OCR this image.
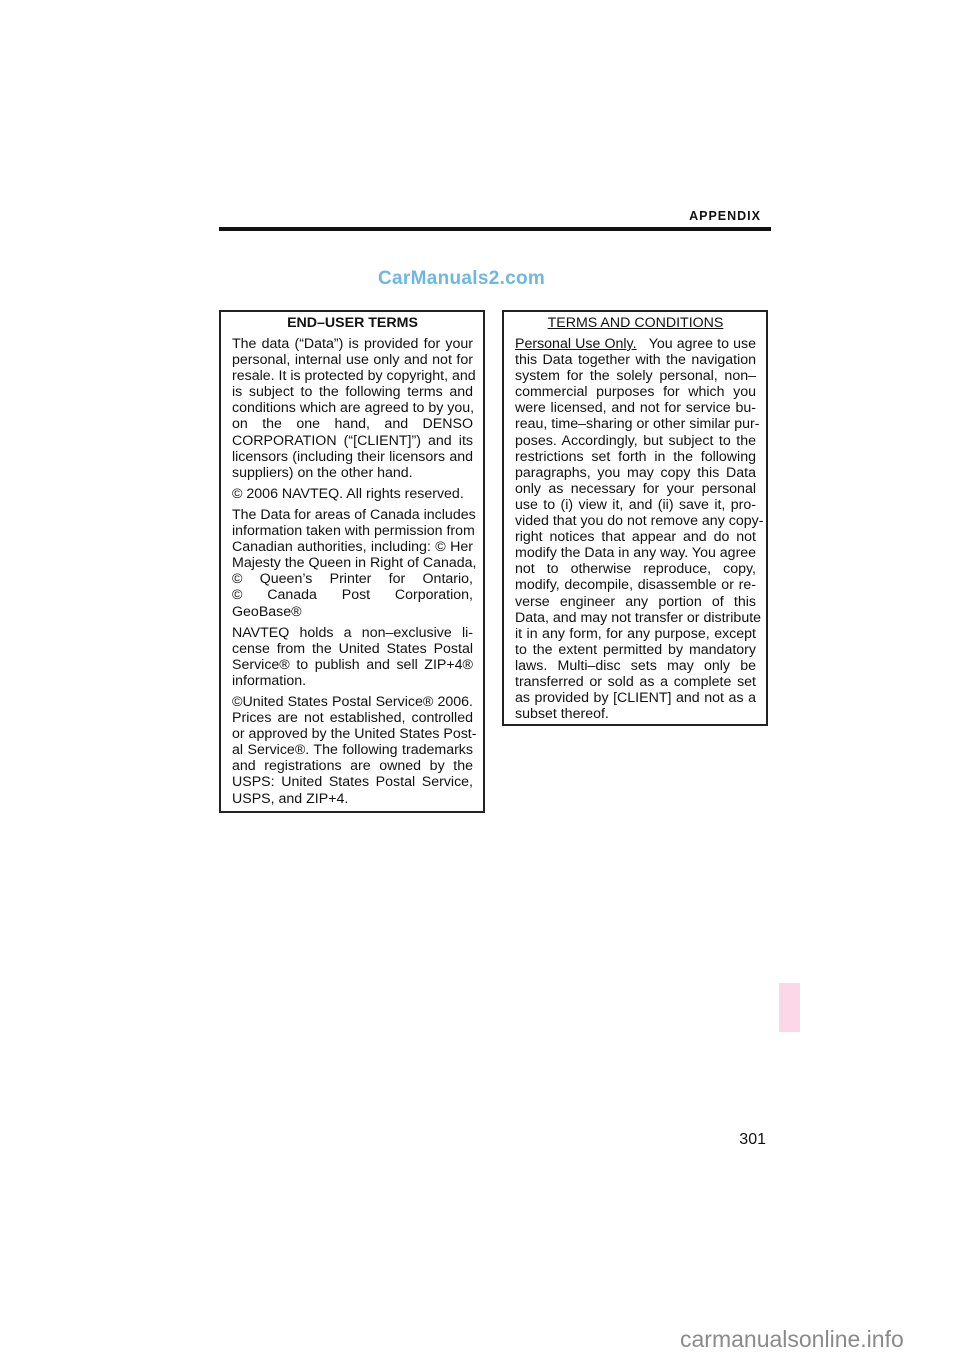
APPENDIX
CarManuals2.com
END–USER TERMS
The data (“Data”) is provided for your
personal, internal use only and not for
resale. It is protected by copyright, and
is subject to the following terms and
conditions which are agreed to by you,
on the one hand, and DENSO
CORPORATION (“[CLIENT]”) and its
licensors (including their licensors and
suppliers) on the other hand.
© 2006 NAVTEQ. All rights reserved.
The Data for areas of Canada includes
information taken with permission from
Canadian authorities, including: © Her
Majesty the Queen in Right of Canada,
© Queen’s Printer for Ontario,
© Canada Post Corporation,
GeoBase®
NAVTEQ holds a non–exclusive li-
cense from the United States Postal
Service® to publish and sell ZIP+4®
information.
©United States Postal Service® 2006.
Prices are not established, controlled
or approved by the United States Post-
al Service®. The following trademarks
and registrations are owned by the
USPS: United States Postal Service,
USPS, and ZIP+4.
TERMS AND CONDITIONS
Personal Use Only. You agree to use
this Data together with the navigation
system for the solely personal, non–
commercial purposes for which you
were licensed, and not for service bu-
reau, time–sharing or other similar pur-
poses. Accordingly, but subject to the
restrictions set forth in the following
paragraphs, you may copy this Data
only as necessary for your personal
use to (i) view it, and (ii) save it, pro-
vided that you do not remove any copy-
right notices that appear and do not
modify the Data in any way. You agree
not to otherwise reproduce, copy,
modify, decompile, disassemble or re-
verse engineer any portion of this
Data, and may not transfer or distribute
it in any form, for any purpose, except
to the extent permitted by mandatory
laws. Multi–disc sets may only be
transferred or sold as a complete set
as provided by [CLIENT] and not as a
subset thereof.
301
carmanualsonline.info
